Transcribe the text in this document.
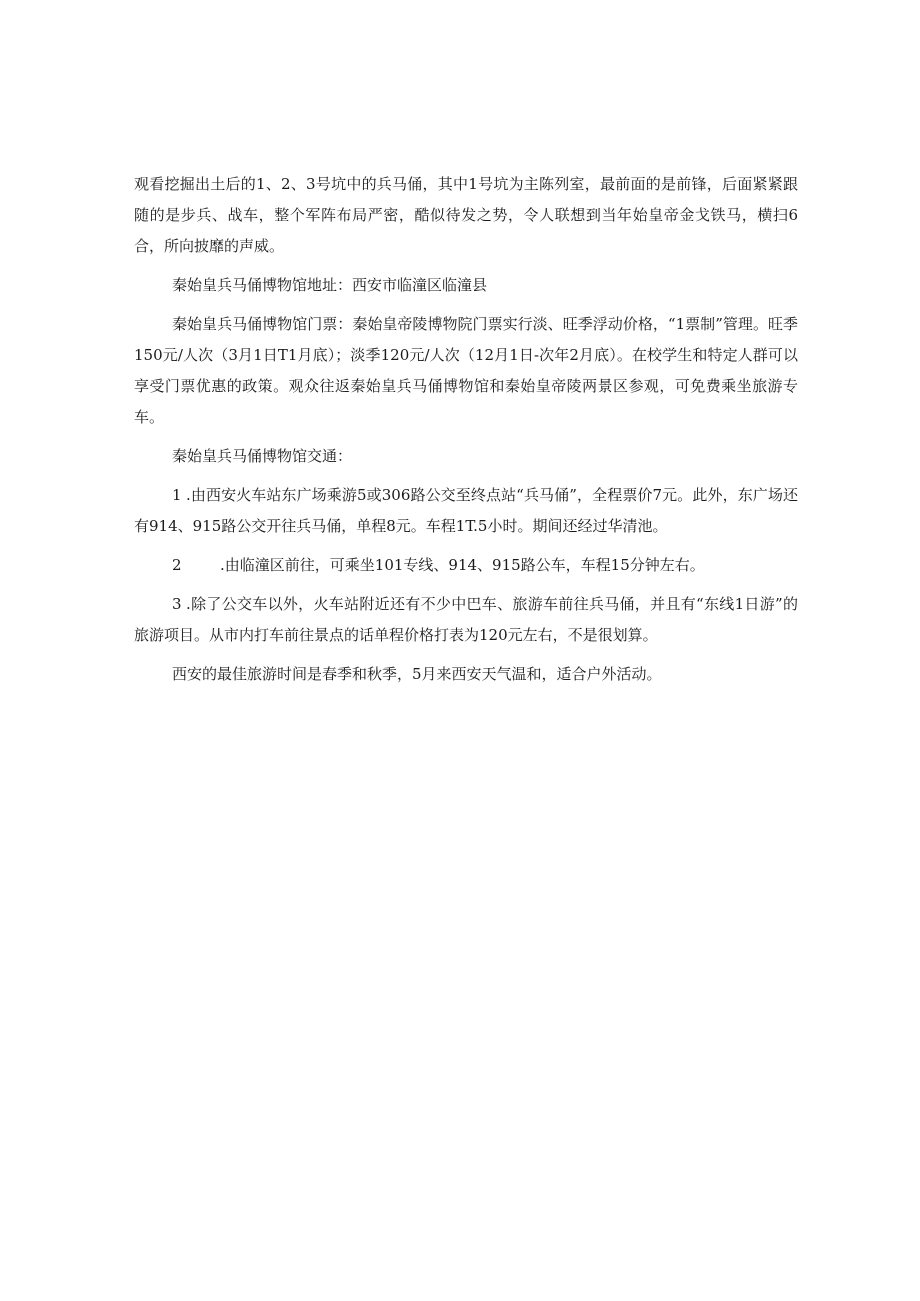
观看挖掘出土后的1、2、3号坑中的兵马俑，其中1号坑为主陈列室，最前面的是前锋，后面紧紧跟随的是步兵、战车，整个军阵布局严密，酷似待发之势，令人联想到当年始皇帝金戈铁马，横扫6合，所向披靡的声威。

秦始皇兵马俑博物馆地址：西安市临潼区临潼县

秦始皇兵马俑博物馆门票：秦始皇帝陵博物院门票实行淡、旺季浮动价格，“1票制”管理。旺季150元/人次（3月1日T1月底）；淡季120元/人次（12月1日-次年2月底）。在校学生和特定人群可以享受门票优惠的政策。观众往返秦始皇兵马俑博物馆和秦始皇帝陵两景区参观，可免费乘坐旅游专车。

秦始皇兵马俑博物馆交通：

1 .由西安火车站东广场乘游5或306路公交至终点站“兵马俑”，全程票价7元。此外，东广场还有914、915路公交开往兵马俑，单程8元。车程1T.5小时。期间还经过华清池。

2	.由临潼区前往，可乘坐101专线、914、915路公车，车程15分钟左右。

3 .除了公交车以外，火车站附近还有不少中巴车、旅游车前往兵马俑，并且有“东线1日游”的旅游项目。从市内打车前往景点的话单程价格打表为120元左右，不是很划算。

西安的最佳旅游时间是春季和秋季，5月来西安天气温和，适合户外活动。
